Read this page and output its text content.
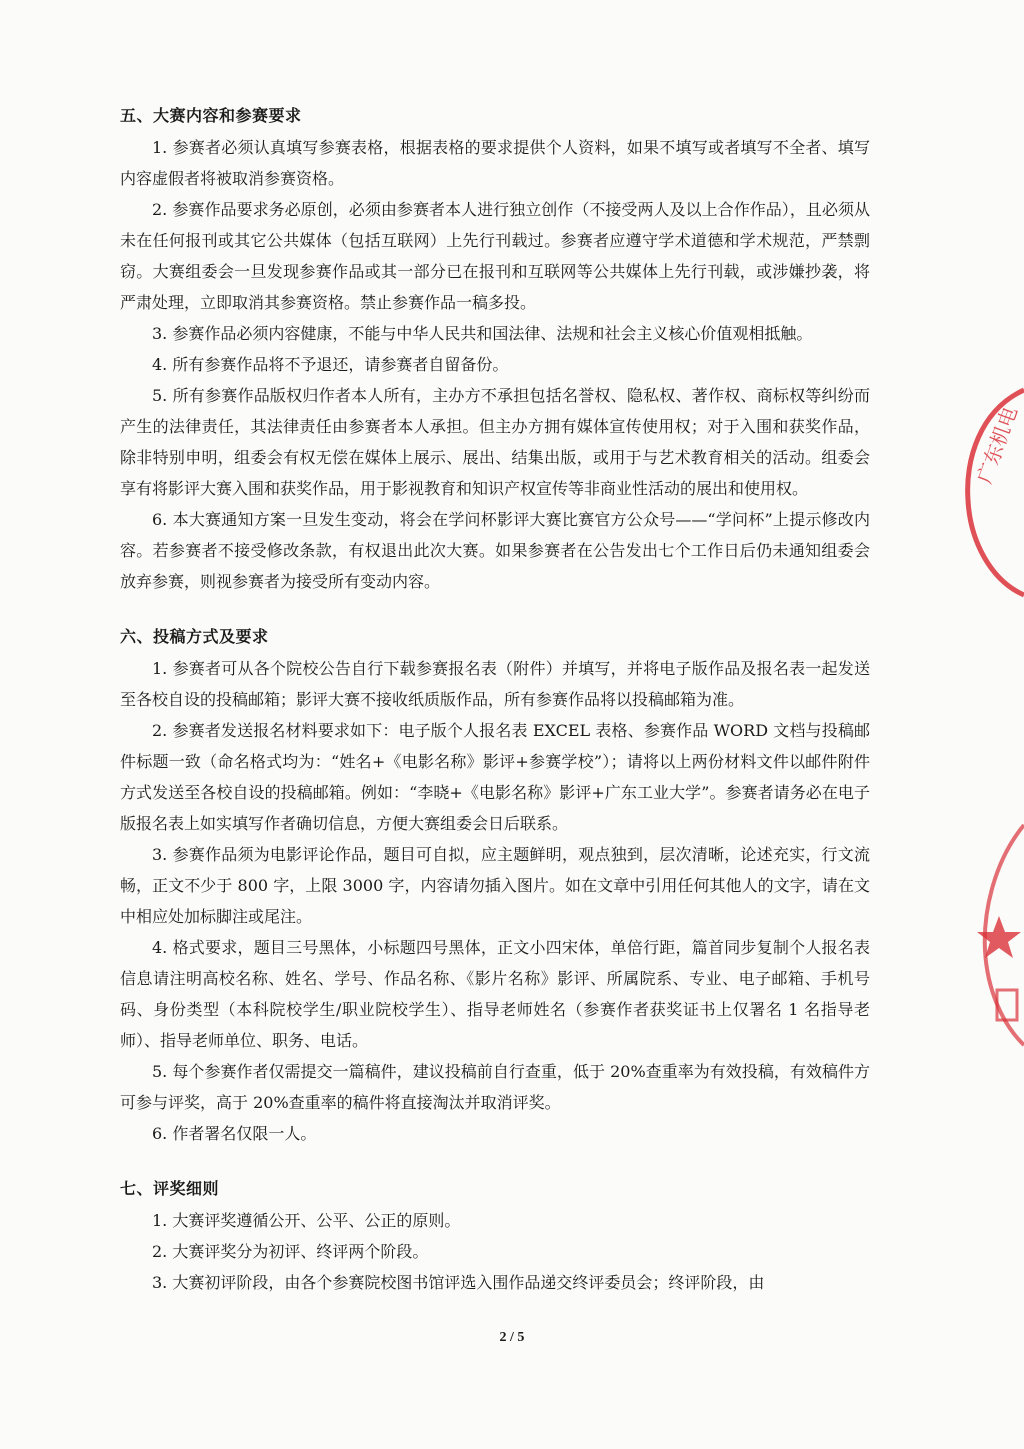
五、大赛内容和参赛要求

1. 参赛者必须认真填写参赛表格，根据表格的要求提供个人资料，如果不填写或者填写不全者、填写内容虚假者将被取消参赛资格。

2. 参赛作品要求务必原创，必须由参赛者本人进行独立创作（不接受两人及以上合作作品），且必须从未在任何报刊或其它公共媒体（包括互联网）上先行刊载过。参赛者应遵守学术道德和学术规范，严禁剽窃。大赛组委会一旦发现参赛作品或其一部分已在报刊和互联网等公共媒体上先行刊载，或涉嫌抄袭，将严肃处理，立即取消其参赛资格。禁止参赛作品一稿多投。

3. 参赛作品必须内容健康，不能与中华人民共和国法律、法规和社会主义核心价值观相抵触。

4. 所有参赛作品将不予退还，请参赛者自留备份。

5. 所有参赛作品版权归作者本人所有，主办方不承担包括名誉权、隐私权、著作权、商标权等纠纷而产生的法律责任，其法律责任由参赛者本人承担。但主办方拥有媒体宣传使用权；对于入围和获奖作品，除非特别申明，组委会有权无偿在媒体上展示、展出、结集出版，或用于与艺术教育相关的活动。组委会享有将影评大赛入围和获奖作品，用于影视教育和知识产权宣传等非商业性活动的展出和使用权。

6. 本大赛通知方案一旦发生变动，将会在学问杯影评大赛比赛官方公众号——“学问杯”上提示修改内容。若参赛者不接受修改条款，有权退出此次大赛。如果参赛者在公告发出七个工作日后仍未通知组委会放弃参赛，则视参赛者为接受所有变动内容。

六、投稿方式及要求

1. 参赛者可从各个院校公告自行下载参赛报名表（附件）并填写，并将电子版作品及报名表一起发送至各校自设的投稿邮箱；影评大赛不接收纸质版作品，所有参赛作品将以投稿邮箱为准。

2. 参赛者发送报名材料要求如下：电子版个人报名表 EXCEL 表格、参赛作品 WORD 文档与投稿邮件标题一致（命名格式均为：“姓名+《电影名称》影评+参赛学校”）；请将以上两份材料文件以邮件附件方式发送至各校自设的投稿邮箱。例如：“李晓+《电影名称》影评+广东工业大学”。参赛者请务必在电子版报名表上如实填写作者确切信息，方便大赛组委会日后联系。

3. 参赛作品须为电影评论作品，题目可自拟，应主题鲜明，观点独到，层次清晰，论述充实，行文流畅，正文不少于 800 字，上限 3000 字，内容请勿插入图片。如在文章中引用任何其他人的文字，请在文中相应处加标脚注或尾注。

4. 格式要求，题目三号黑体，小标题四号黑体，正文小四宋体，单倍行距，篇首同步复制个人报名表信息请注明高校名称、姓名、学号、作品名称、《影片名称》影评、所属院系、专业、电子邮箱、手机号码、身份类型（本科院校学生/职业院校学生）、指导老师姓名（参赛作者获奖证书上仅署名 1 名指导老师）、指导老师单位、职务、电话。

5. 每个参赛作者仅需提交一篇稿件，建议投稿前自行查重，低于 20%查重率为有效投稿，有效稿件方可参与评奖，高于 20%查重率的稿件将直接淘汰并取消评奖。

6. 作者署名仅限一人。

七、评奖细则

1. 大赛评奖遵循公开、公平、公正的原则。

2. 大赛评奖分为初评、终评两个阶段。

3. 大赛初评阶段，由各个参赛院校图书馆评选入围作品递交终评委员会；终评阶段，由

2 / 5
广东机电
